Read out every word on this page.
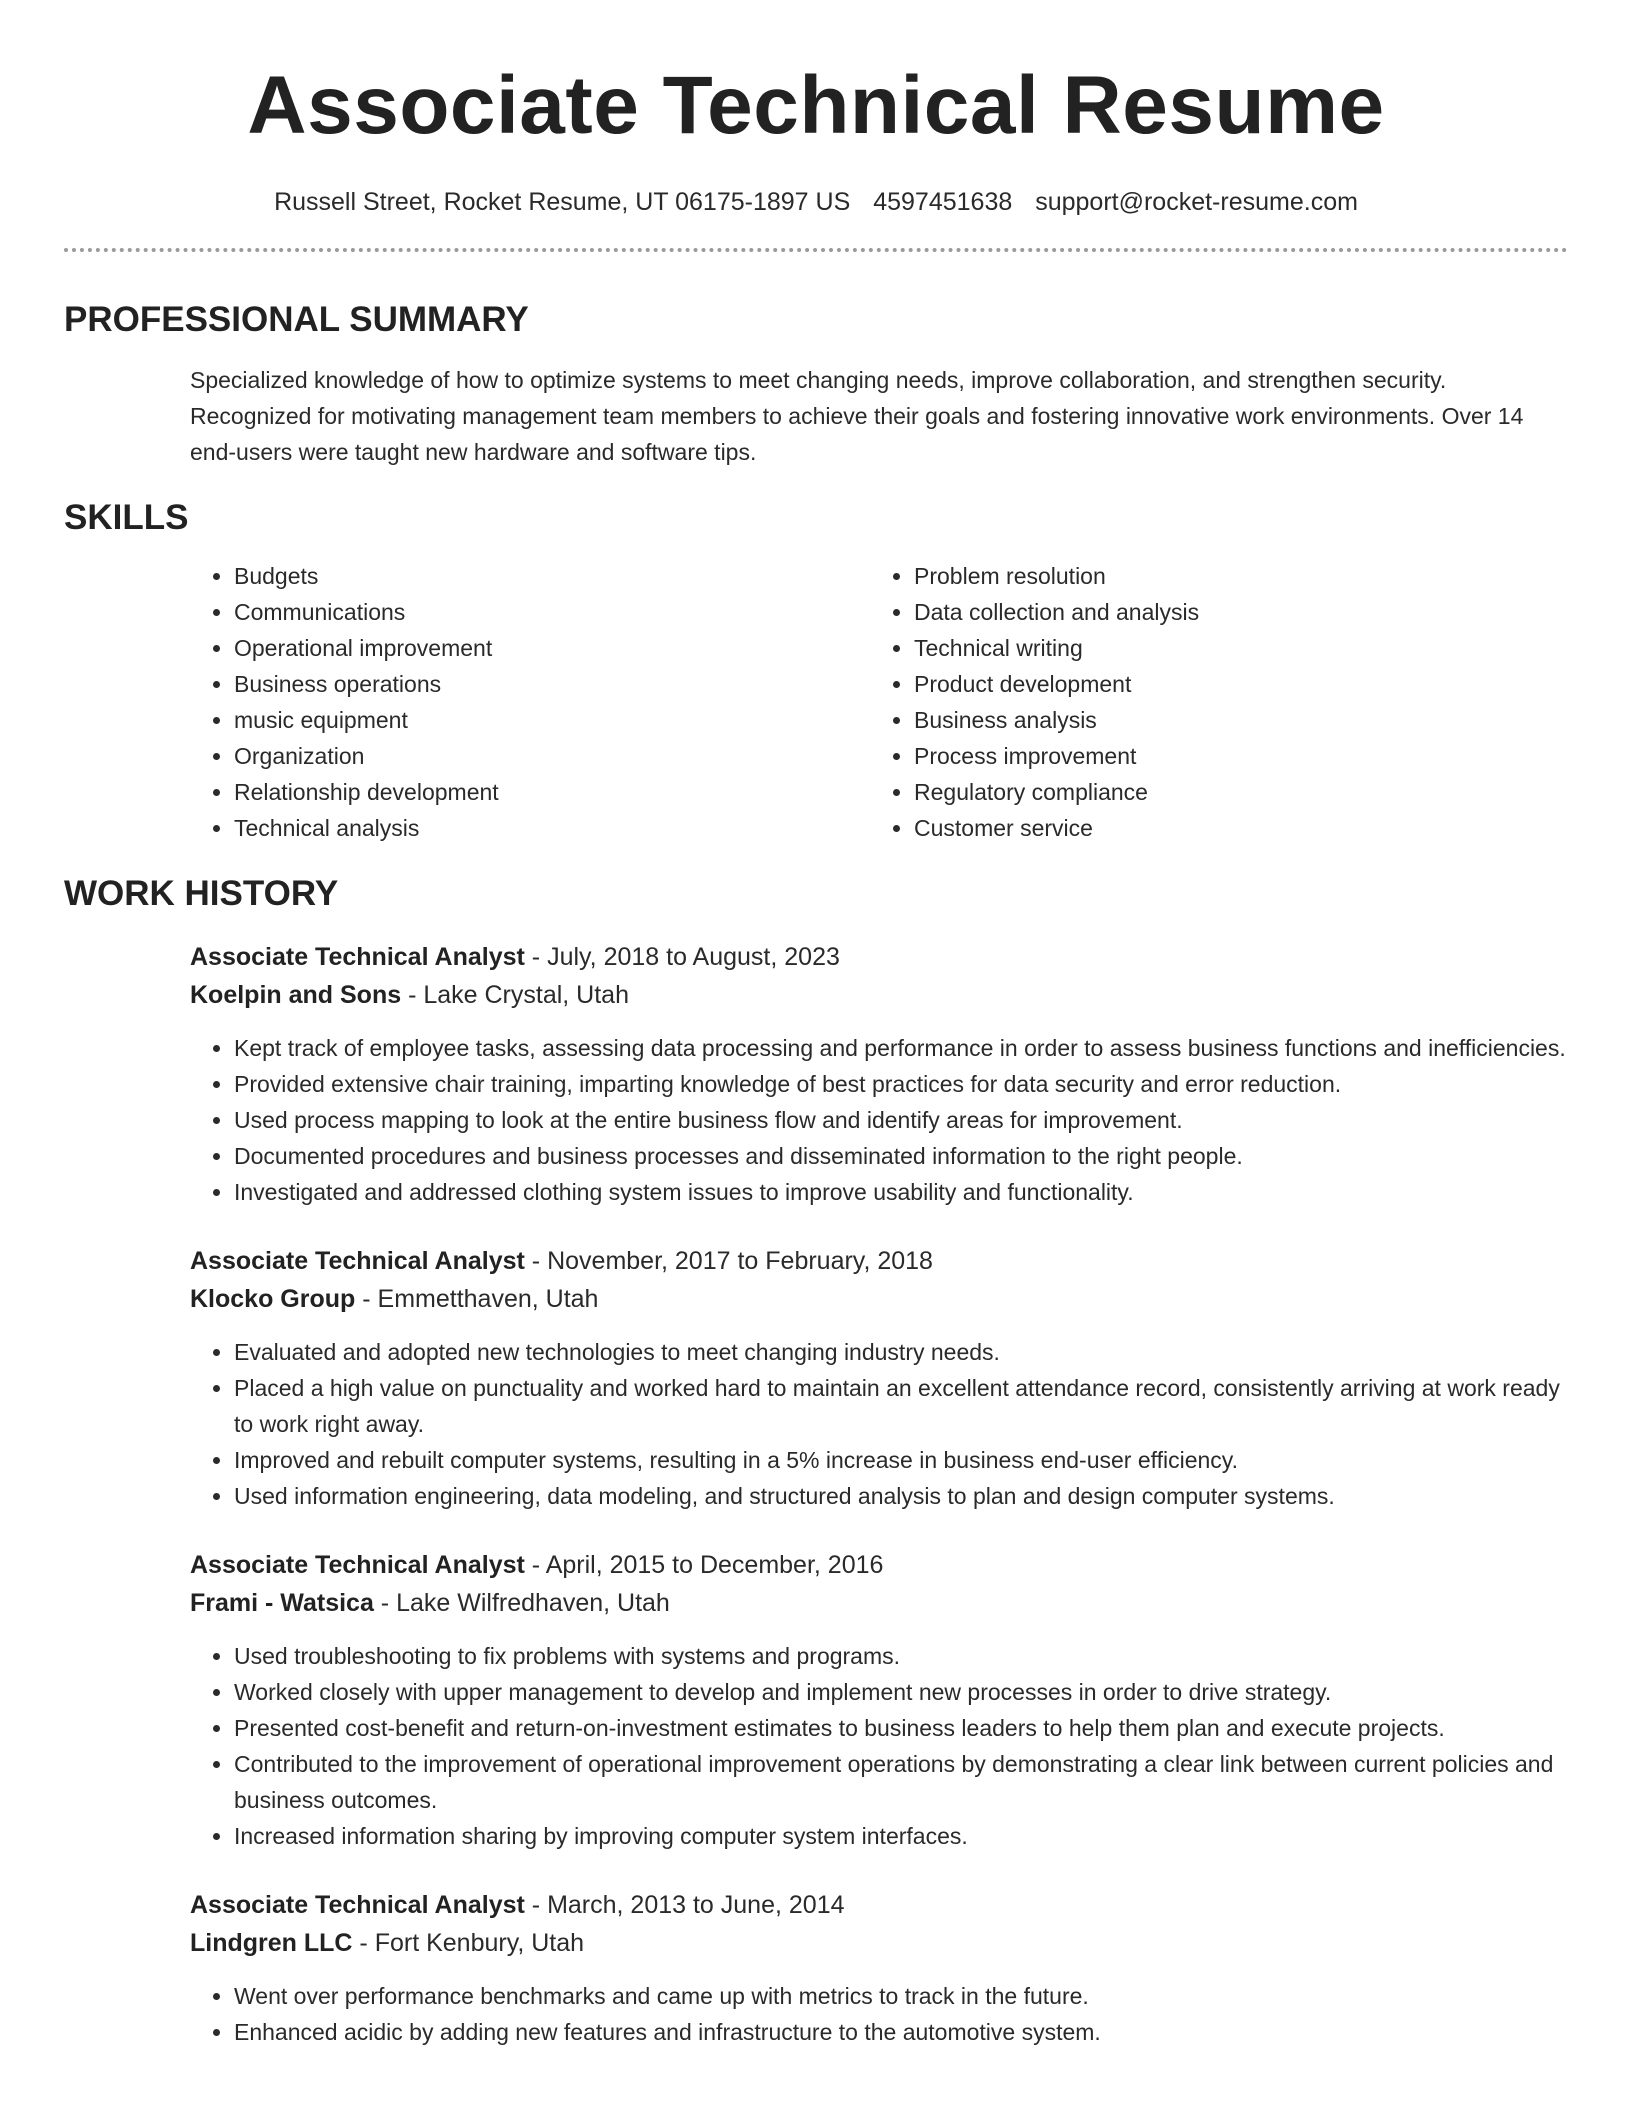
Associate Technical Resume
Russell Street, Rocket Resume, UT 06175-1897 US 4597451638 support@rocket-resume.com
PROFESSIONAL SUMMARY

Specialized knowledge of how to optimize systems to meet changing needs, improve collaboration, and strengthen security. Recognized for motivating management team members to achieve their goals and fostering innovative work environments. Over 14 end-users were taught new hardware and software tips.

SKILLS
• Budgets
• Communications
• Operational improvement
• Business operations
• music equipment
• Organization
• Relationship development
• Technical analysis
• Problem resolution
• Data collection and analysis
• Technical writing
• Product development
• Business analysis
• Process improvement
• Regulatory compliance
• Customer service
WORK HISTORY
Associate Technical Analyst - July, 2018 to August, 2023
Koelpin and Sons - Lake Crystal, Utah
• Kept track of employee tasks, assessing data processing and performance in order to assess business functions and inefficiencies.
• Provided extensive chair training, imparting knowledge of best practices for data security and error reduction.
• Used process mapping to look at the entire business flow and identify areas for improvement.
• Documented procedures and business processes and disseminated information to the right people.
• Investigated and addressed clothing system issues to improve usability and functionality.
Associate Technical Analyst - November, 2017 to February, 2018
Klocko Group - Emmetthaven, Utah
• Evaluated and adopted new technologies to meet changing industry needs.
• Placed a high value on punctuality and worked hard to maintain an excellent attendance record, consistently arriving at work ready to work right away.
• Improved and rebuilt computer systems, resulting in a 5% increase in business end-user efficiency.
• Used information engineering, data modeling, and structured analysis to plan and design computer systems.
Associate Technical Analyst - April, 2015 to December, 2016
Frami - Watsica - Lake Wilfredhaven, Utah
• Used troubleshooting to fix problems with systems and programs.
• Worked closely with upper management to develop and implement new processes in order to drive strategy.
• Presented cost-benefit and return-on-investment estimates to business leaders to help them plan and execute projects.
• Contributed to the improvement of operational improvement operations by demonstrating a clear link between current policies and business outcomes.
• Increased information sharing by improving computer system interfaces.
Associate Technical Analyst - March, 2013 to June, 2014
Lindgren LLC - Fort Kenbury, Utah
• Went over performance benchmarks and came up with metrics to track in the future.
• Enhanced acidic by adding new features and infrastructure to the automotive system.
